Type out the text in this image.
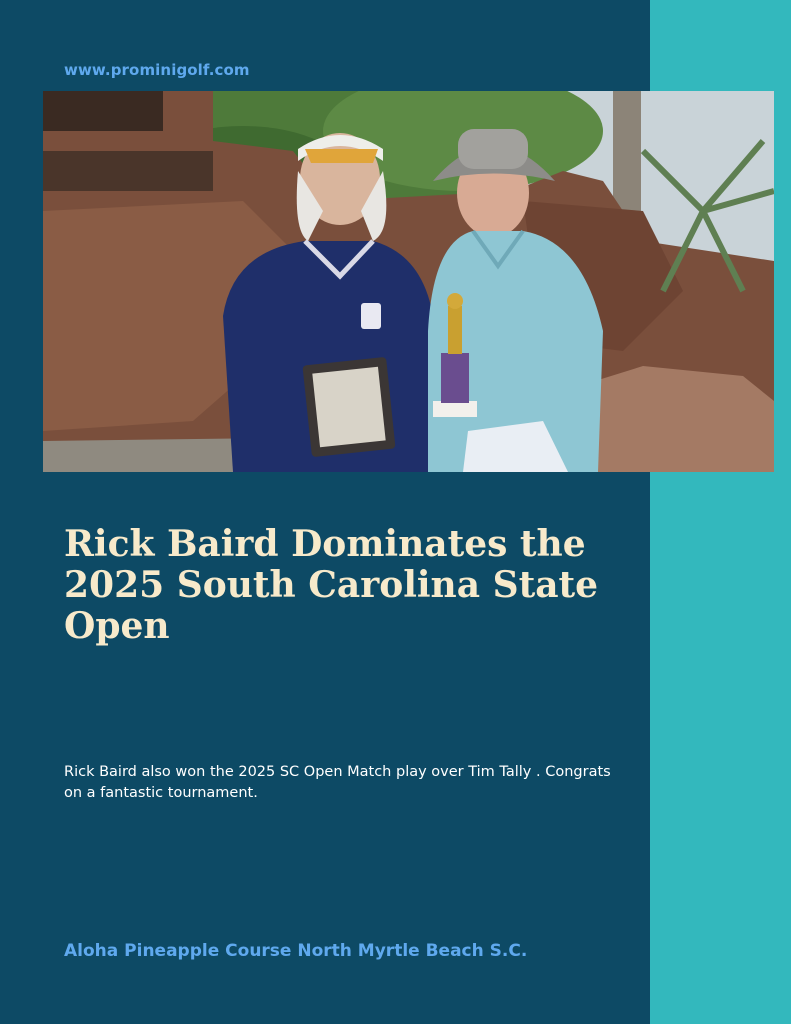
www.prominigolf.com
Rick Baird Dominates the 2025 South Carolina State Open
Rick Baird also won the 2025 SC Open Match play over Tim Tally . Congrats on a fantastic tournament.
Aloha Pineapple Course North Myrtle Beach S.C.
